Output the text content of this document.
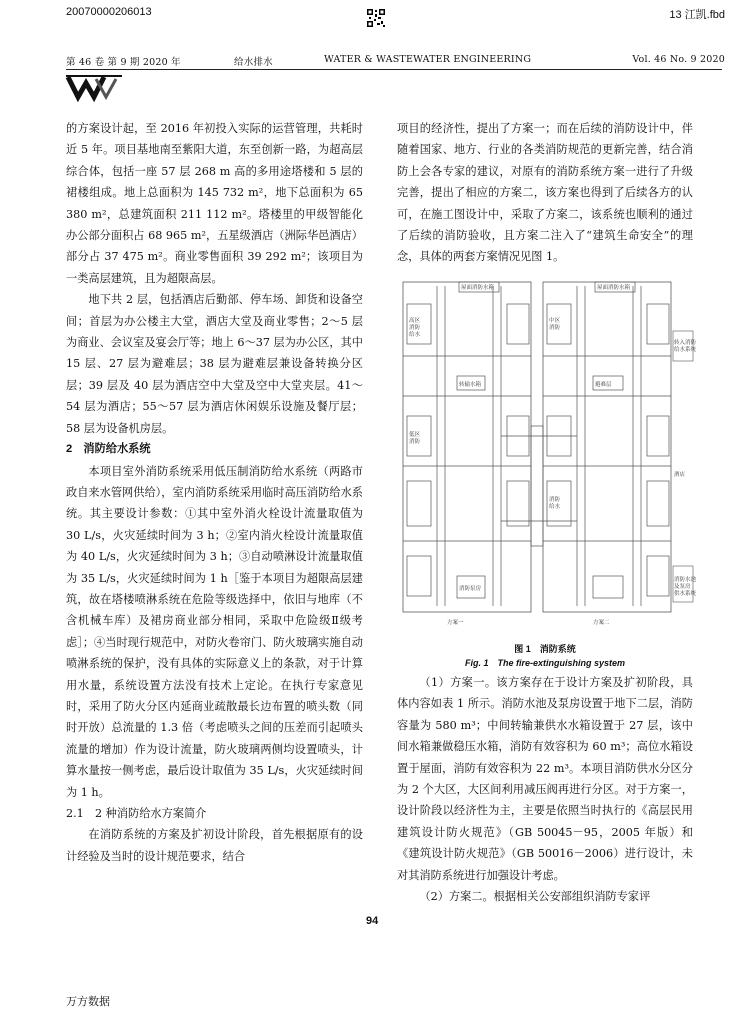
20070000206013	13 江凯.fbd
第 46 卷 第 9 期 2020 年	给水排水	WATER & WASTEWATER ENGINEERING	Vol. 46 No. 9 2020

的方案设计起，至 2016 年初投入实际的运营管理，共耗时近 5 年。项目基地南至紫阳大道，东至创新一路，为超高层综合体，包括一座 57 层 268 m 高的多用途塔楼和 5 层的裙楼组成。地上总面积为 145 732 m²，地下总面积为 65 380 m²，总建筑面积 211 112 m²。塔楼里的甲级智能化办公部分面积占 68 965 m²，五星级酒店（洲际华邑酒店）部分占 37 475 m²。商业零售面积 39 292 m²；该项目为一类高层建筑，且为超限高层。

地下共 2 层，包括酒店后勤部、停车场、卸货和设备空间；首层为办公楼主大堂，酒店大堂及商业零售；2～5 层为商业、会议室及宴会厅等；地上 6～37 层为办公区，其中 15 层、27 层为避难层；38 层为避难层兼设备转换分区层；39 层及 40 层为酒店空中大堂及空中大堂夹层。41～54 层为酒店；55～57 层为酒店休闲娱乐设施及餐厅层；58 层为设备机房层。

2　消防给水系统

本项目室外消防系统采用低压制消防给水系统（两路市政自来水管网供给），室内消防系统采用临时高压消防给水系统。其主要设计参数：①其中室外消火栓设计流量取值为 30 L/s，火灾延续时间为 3 h；②室内消火栓设计流量取值为 40 L/s，火灾延续时间为 3 h；③自动喷淋设计流量取值为 35 L/s，火灾延续时间为 1 h［鉴于本项目为超限高层建筑，故在塔楼喷淋系统在危险等级选择中，依旧与地库（不含机械车库）及裙房商业部分相同，采取中危险级Ⅱ级考虑］；④当时现行规范中，对防火卷帘门、防火玻璃实施自动喷淋系统的保护，没有具体的实际意义上的条款，对于计算用水量，系统设置方法没有技术上定论。在执行专家意见时，采用了防火分区内延商业疏散最长边布置的喷头数（同时开放）总流量的 1.3 倍（考虑喷头之间的压差而引起喷头流量的增加）作为设计流量，防火玻璃两侧均设置喷头，计算水量按一侧考虑，最后设计取值为 35 L/s，火灾延续时间为 1 h。

2.1　2 种消防给水方案简介

在消防系统的方案及扩初设计阶段，首先根据原有的设计经验及当时的设计规范要求，结合

项目的经济性，提出了方案一；而在后续的消防设计中，伴随着国家、地方、行业的各类消防规范的更新完善，结合消防上会各专家的建议，对原有的消防系统方案一进行了升级完善，提出了相应的方案二，该方案也得到了后续各方的认可，在施工图设计中，采取了方案二，该系统也顺利的通过了后续的消防验收，且方案二注入了“建筑生命安全”的理念，具体的两套方案情况见图 1。

屋面消防水箱	屋面消防水箱
高区消防给水
中区消防
低区消防
消防给水
避难层
转输水箱
消防泵房
转入消防给水系统
酒店
消防水池及泵房供水系统
方案一	方案二
图 1　消防系统
Fig. 1　The fire-extinguishing system

（1）方案一。该方案存在于设计方案及扩初阶段，具体内容如表 1 所示。消防水池及泵房设置于地下二层，消防容量为 580 m³；中间转输兼供水水箱设置于 27 层，该中间水箱兼做稳压水箱，消防有效容积为 60 m³；高位水箱设置于屋面，消防有效容积为 22 m³。本项目消防供水分区分为 2 个大区，大区间利用减压阀再进行分区。对于方案一，设计阶段以经济性为主，主要是依照当时执行的《高层民用建筑设计防火规范》（GB 50045－95，2005 年版）和《建筑设计防火规范》（GB 50016－2006）进行设计，未对其消防系统进行加强设计考虑。

（2）方案二。根据相关公安部组织消防专家评

94
万方数据
